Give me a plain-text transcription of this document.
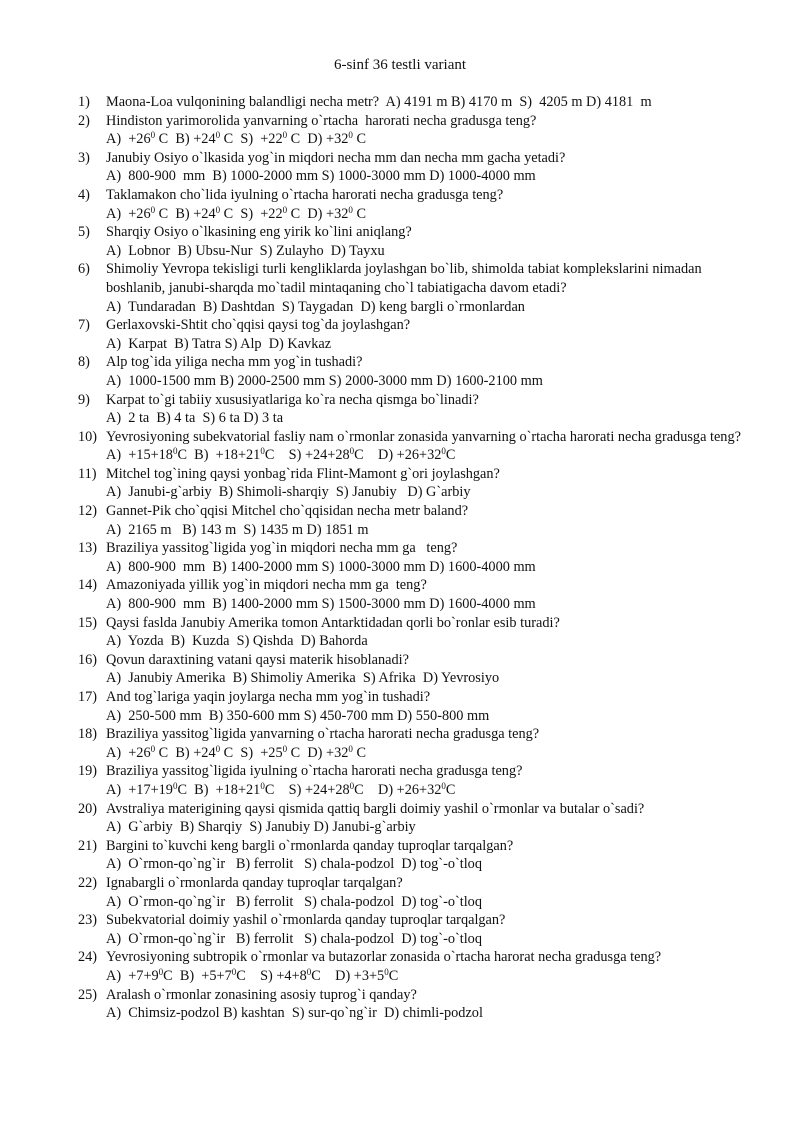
6-sinf 36 testli variant
1)	Maona-Loa vulqonining balandligi necha metr?  A) 4191 m B) 4170 m  S)  4205 m D) 4181  m
2)	Hindiston yarimorolida yanvarning o`rtacha  harorati necha gradusga teng?
$A) +26^0$ C  $B) +24^0$ C  $S) +22^0$ C  $D) +32^0$ C
3)	Janubiy Osiyo o`lkasida yog`in miqdori necha mm dan necha mm gacha yetadi?
A)  800-900  mm  B) 1000-2000 mm S) 1000-3000 mm D) 1000-4000 mm
4)	Taklamakon cho`lida iyulning o`rtacha harorati necha gradusga teng?
$A) +26^0$ C  $B) +24^0$ C  $S) +22^0$ C  $D) +32^0$ C
5)	Sharqiy Osiyo o`lkasining eng yirik ko`lini aniqlang?
A)  Lobnor  B) Ubsu-Nur  S) Zulayho  D) Tayxu
6)	Shimoliy Yevropa tekisligi turli kengliklarda joylashgan bo`lib, shimolda tabiat komplekslarini nimadan boshlanib, janubi-sharqda mo`tadil mintaqaning cho`l tabiatigacha davom etadi?
A)  Tundaradan  B) Dashtdan  S) Taygadan  D) keng bargli o`rmonlardan
7)	Gerlaxovski-Shtit cho`qqisi qaysi tog`da joylashgan?
A)  Karpat  B) Tatra S) Alp  D) Kavkaz
8)	Alp tog`ida yiliga necha mm yog`in tushadi?
A)  1000-1500 mm B) 2000-2500 mm S) 2000-3000 mm D) 1600-2100 mm
9)	Karpat to`gi tabiiy xususiyatlariga ko`ra necha qismga bo`linadi?
A)  2 ta  B) 4 ta  S) 6 ta D) 3 ta
10) Yevrosiyoning subekvatorial fasliy nam o`rmonlar zonasida yanvarning o`rtacha harorati necha gradusga teng?
$A) +15+18^0C$  $B) +18+21^0C$    $S) +24+28^0C$    $D) +26+32^0C$
11) Mitchel tog`ining qaysi yonbag`rida Flint-Mamont g`ori joylashgan?
A)  Janubi-g`arbiy  B) Shimoli-sharqiy  S) Janubiy   D) G`arbiy
12) Gannet-Pik cho`qqisi Mitchel cho`qqisidan necha metr baland?
A)  2165 m   B) 143 m  S) 1435 m D) 1851 m
13) Braziliya yassitog`ligida yog`in miqdori necha mm ga   teng?
A)  800-900  mm  B) 1400-2000 mm S) 1000-3000 mm D) 1600-4000 mm
14) Amazoniyada yillik yog`in miqdori necha mm ga  teng?
A)  800-900  mm  B) 1400-2000 mm S) 1500-3000 mm D) 1600-4000 mm
15) Qaysi faslda Janubiy Amerika tomon Antarktidadan qorli bo`ronlar esib turadi?
A)  Yozda  B)  Kuzda  S) Qishda  D) Bahorda
16) Qovun daraxtining vatani qaysi materik hisoblanadi?
A)  Janubiy Amerika  B) Shimoliy Amerika  S) Afrika  D) Yevrosiyo
17) And tog`lariga yaqin joylarga necha mm yog`in tushadi?
A)  250-500 mm  B) 350-600 mm S) 450-700 mm D) 550-800 mm
18) Braziliya yassitog`ligida yanvarning o`rtacha harorati necha gradusga teng?
$A) +26^0$ C  $B) +24^0$ C  $S) +25^0$ C  $D) +32^0$ C
19) Braziliya yassitog`ligida iyulning o`rtacha harorati necha gradusga teng?
$A) +17+19^0C$  $B) +18+21^0C$    $S) +24+28^0C$    $D) +26+32^0C$
20) Avstraliya materigining qaysi qismida qattiq bargli doimiy yashil o`rmonlar va butalar o`sadi?
A)  G`arbiy  B) Sharqiy  S) Janubiy D) Janubi-g`arbiy
21) Bargini to`kuvchi keng bargli o`rmonlarda qanday tuproqlar tarqalgan?
A)  O`rmon-qo`ng`ir   B) ferrolit   S) chala-podzol  D) tog`-o`tloq
22) Ignabargli o`rmonlarda qanday tuproqlar tarqalgan?
A)  O`rmon-qo`ng`ir   B) ferrolit   S) chala-podzol  D) tog`-o`tloq
23) Subekvatorial doimiy yashil o`rmonlarda qanday tuproqlar tarqalgan?
A)  O`rmon-qo`ng`ir   B) ferrolit   S) chala-podzol  D) tog`-o`tloq
24) Yevrosiyoning subtropik o`rmonlar va butazorlar zonasida o`rtacha harorat necha gradusga teng?
$A) +7+9^0C$  $B) +5+7^0C$    $S) +4+8^0C$    $D) +3+5^0C$
25) Aralash o`rmonlar zonasining asosiy tuprog`i qanday?
A)  Chimsiz-podzol B) kashtan  S) sur-qo`ng`ir  D) chimli-podzol
